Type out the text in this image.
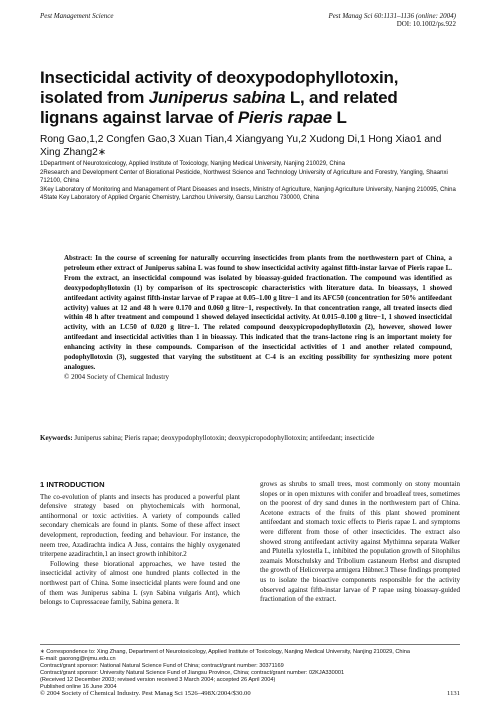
Pest Management Science	Pest Manag Sci 60:1131–1136 (online: 2004)
DOI: 10.1002/ps.922
Insecticidal activity of deoxypodophyllotoxin,
isolated from Juniperus sabina L, and related
lignans against larvae of Pieris rapae L
Rong Gao,1,2 Congfen Gao,3 Xuan Tian,4 Xiangyang Yu,2 Xudong Di,1 Hong Xiao1 and Xing Zhang2∗
1Department of Neurotoxicology, Applied Institute of Toxicology, Nanjing Medical University, Nanjing 210029, China
2Research and Development Center of Biorational Pesticide, Northwest Science and Technology University of Agriculture and Forestry, Yangling, Shaanxi 712100, China
3Key Laboratory of Monitoring and Management of Plant Diseases and Insects, Ministry of Agriculture, Nanjing Agriculture University, Nanjing 210095, China
4State Key Laboratory of Applied Organic Chemistry, Lanzhou University, Gansu Lanzhou 730000, China
Abstract: In the course of screening for naturally occurring insecticides from plants from the northwestern part of China, a petroleum ether extract of Juniperus sabina L was found to show insecticidal activity against fifth-instar larvae of Pieris rapae L. From the extract, an insecticidal compound was isolated by bioassay-guided fractionation. The compound was identified as deoxypodophyllotoxin (1) by comparison of its spectroscopic characteristics with literature data. In bioassays, 1 showed antifeedant activity against fifth-instar larvae of P rapae at 0.05–1.00 g litre−1 and its AFC50 (concentration for 50% antifeedant activity) values at 12 and 48 h were 0.170 and 0.060 g litre−1, respectively. In that concentration range, all treated insects died within 48 h after treatment and compound 1 showed delayed insecticidal activity. At 0.015–0.100 g litre−1, 1 showed insecticidal activity, with an LC50 of 0.020 g litre−1. The related compound deoxypicropodophyllotoxin (2), however, showed lower antifeedant and insecticidal activities than 1 in bioassay. This indicated that the trans-lactone ring is an important moiety for enhancing activity in these compounds. Comparison of the insecticidal activities of 1 and another related compound, podophyllotoxin (3), suggested that varying the substituent at C-4 is an exciting possibility for synthesizing more potent analogues.
© 2004 Society of Chemical Industry
Keywords: Juniperus sabina; Pieris rapae; deoxypodophyllotoxin; deoxypicropodophyllotoxin; antifeedant; insecticide
1 INTRODUCTION

The co-evolution of plants and insects has produced a powerful plant defensive strategy based on phytochemicals with hormonal, antihormonal or toxic activities. A variety of compounds called secondary chemicals are found in plants. Some of these affect insect development, reproduction, feeding and behaviour. For instance, the neem tree, Azadirachta indica A Juss, contains the highly oxygenated triterpene azadirachtin,1 an insect growth inhibitor.2

Following these biorational approaches, we have tested the insecticidal activity of almost one hundred plants collected in the northwest part of China. Some insecticidal plants were found and one of them was Juniperus sabina L (syn Sabina vulgaris Ant), which belongs to Cupressaceae family, Sabina genera. It

grows as shrubs to small trees, most commonly on stony mountain slopes or in open mixtures with conifer and broadleaf trees, sometimes on the poorest of dry sand dunes in the northwestern part of China. Acetone extracts of the fruits of this plant showed prominent antifeedant and stomach toxic effects to Pieris rapae L and symptoms were different from those of other insecticides. The extract also showed strong antifeedant activity against Mythimna separata Walker and Plutella xylostella L, inhibited the population growth of Sitophilus zeamais Motschulsky and Tribolium castaneum Herbst and disrupted the growth of Helicoverpa armigera Hübner.3 These findings prompted us to isolate the bioactive components responsible for the activity observed against fifth-instar larvae of P rapae using bioassay-guided fractionation of the extract.

∗ Correspondence to: Xing Zhang, Department of Neurotoxicology, Applied Institute of Toxicology, Nanjing Medical University, Nanjing 210029, China
E-mail: gaorong@njmu.edu.cn
Contract/grant sponsor: National Natural Science Fund of China; contract/grant number: 30371169
Contract/grant sponsor: University Natural Science Fund of Jiangsu Province, China; contract/grant number: 02KJA330001
(Received 12 December 2003; revised version received 3 March 2004; accepted 26 April 2004)
Published online 16 June 2004
© 2004 Society of Chemical Industry. Pest Manag Sci 1526–498X/2004/$30.00	1131
